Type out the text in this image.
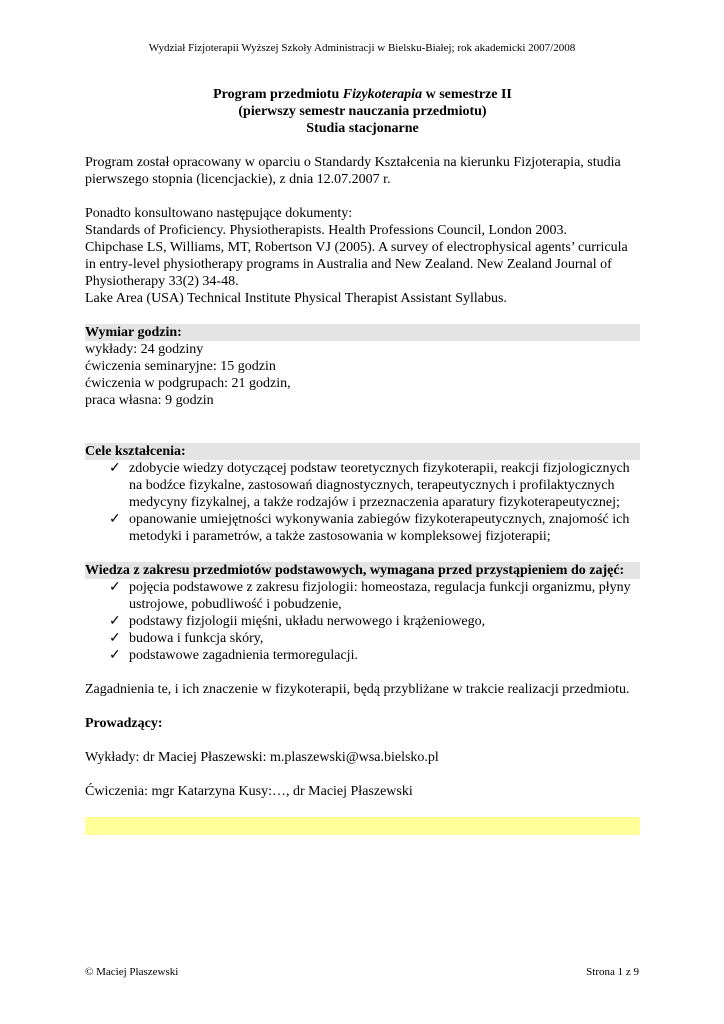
Wydział Fizjoterapii Wyższej Szkoły Administracji w Bielsku-Białej; rok akademicki 2007/2008
Program przedmiotu Fizykoterapia w semestrze II
(pierwszy semestr nauczania przedmiotu)
Studia stacjonarne

Program został opracowany w oparciu o Standardy Kształcenia na kierunku Fizjoterapia, studia pierwszego stopnia (licencjackie), z dnia 12.07.2007 r.

Ponadto konsultowano następujące dokumenty:

Standards of Proficiency. Physiotherapists. Health Professions Council, London 2003.

Chipchase LS, Williams, MT, Robertson VJ (2005). A survey of electrophysical agents’ curricula in entry-level physiotherapy programs in Australia and New Zealand. New Zealand Journal of Physiotherapy 33(2) 34-48.

Lake Area (USA) Technical Institute Physical Therapist Assistant Syllabus.

Wymiar godzin:

wykłady: 24 godziny

ćwiczenia seminaryjne: 15 godzin

ćwiczenia w podgrupach: 21 godzin,

praca własna: 9 godzin

Cele kształcenia:
✓ zdobycie wiedzy dotyczącej podstaw teoretycznych fizykoterapii, reakcji fizjologicznych na bodźce fizykalne, zastosowań diagnostycznych, terapeutycznych i profilaktycznych medycyny fizykalnej, a także rodzajów i przeznaczenia aparatury fizykoterapeutycznej;
✓ opanowanie umiejętności wykonywania zabiegów fizykoterapeutycznych, znajomość ich metodyki i parametrów, a także zastosowania w kompleksowej fizjoterapii;
Wiedza z zakresu przedmiotów podstawowych, wymagana przed przystąpieniem do zajęć:
✓ pojęcia podstawowe z zakresu fizjologii: homeostaza, regulacja funkcji organizmu, płyny ustrojowe, pobudliwość i pobudzenie,
✓ podstawy fizjologii mięśni, układu nerwowego i krążeniowego,
✓ budowa i funkcja skóry,
✓ podstawowe zagadnienia termoregulacji.

Zagadnienia te, i ich znaczenie w fizykoterapii, będą przybliżane w trakcie realizacji przedmiotu.

Prowadzący:

Wykłady: dr Maciej Płaszewski: m.plaszewski@wsa.bielsko.pl

Ćwiczenia: mgr Katarzyna Kusy:…, dr Maciej Płaszewski

© Maciej Płaszewski	Strona 1 z 9
